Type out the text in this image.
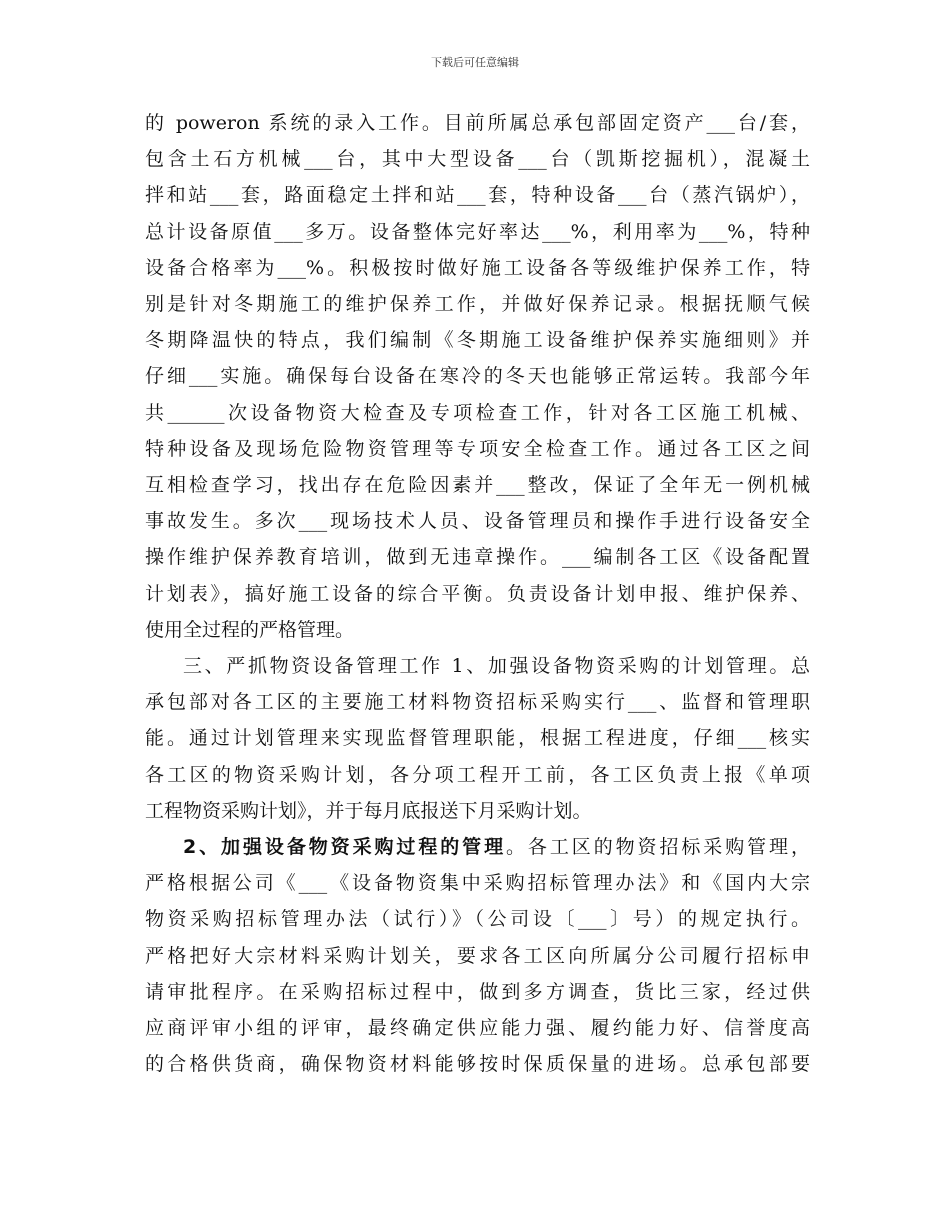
下载后可任意编辑
的 poweron 系统的录入工作。目前所属总承包部固定资产___台/套，
包含土石方机械___台，其中大型设备___台（凯斯挖掘机），混凝土
拌和站___套，路面稳定土拌和站___套，特种设备___台（蒸汽锅炉），
总计设备原值___多万。设备整体完好率达___%，利用率为___%，特种
设备合格率为___%。积极按时做好施工设备各等级维护保养工作，特
别是针对冬期施工的维护保养工作，并做好保养记录。根据抚顺气候
冬期降温快的特点，我们编制《冬期施工设备维护保养实施细则》并
仔细___实施。确保每台设备在寒冷的冬天也能够正常运转。我部今年
共______次设备物资大检查及专项检查工作，针对各工区施工机械、
特种设备及现场危险物资管理等专项安全检查工作。通过各工区之间
互相检查学习，找出存在危险因素并___整改，保证了全年无一例机械
事故发生。多次___现场技术人员、设备管理员和操作手进行设备安全
操作维护保养教育培训，做到无违章操作。___编制各工区《设备配置
计划表》，搞好施工设备的综合平衡。负责设备计划申报、维护保养、
使用全过程的严格管理。
三、严抓物资设备管理工作 1、加强设备物资采购的计划管理。总
承包部对各工区的主要施工材料物资招标采购实行___、监督和管理职
能。通过计划管理来实现监督管理职能，根据工程进度，仔细___核实
各工区的物资采购计划，各分项工程开工前，各工区负责上报《单项
工程物资采购计划》，并于每月底报送下月采购计划。
2、加强设备物资采购过程的管理。各工区的物资招标采购管理，
严格根据公司《___《设备物资集中采购招标管理办法》和《国内大宗
物资采购招标管理办法（试行）》（公司设〔___〕号）的规定执行。
严格把好大宗材料采购计划关，要求各工区向所属分公司履行招标申
请审批程序。在采购招标过程中，做到多方调查，货比三家，经过供
应商评审小组的评审，最终确定供应能力强、履约能力好、信誉度高
的合格供货商，确保物资材料能够按时保质保量的进场。总承包部要
